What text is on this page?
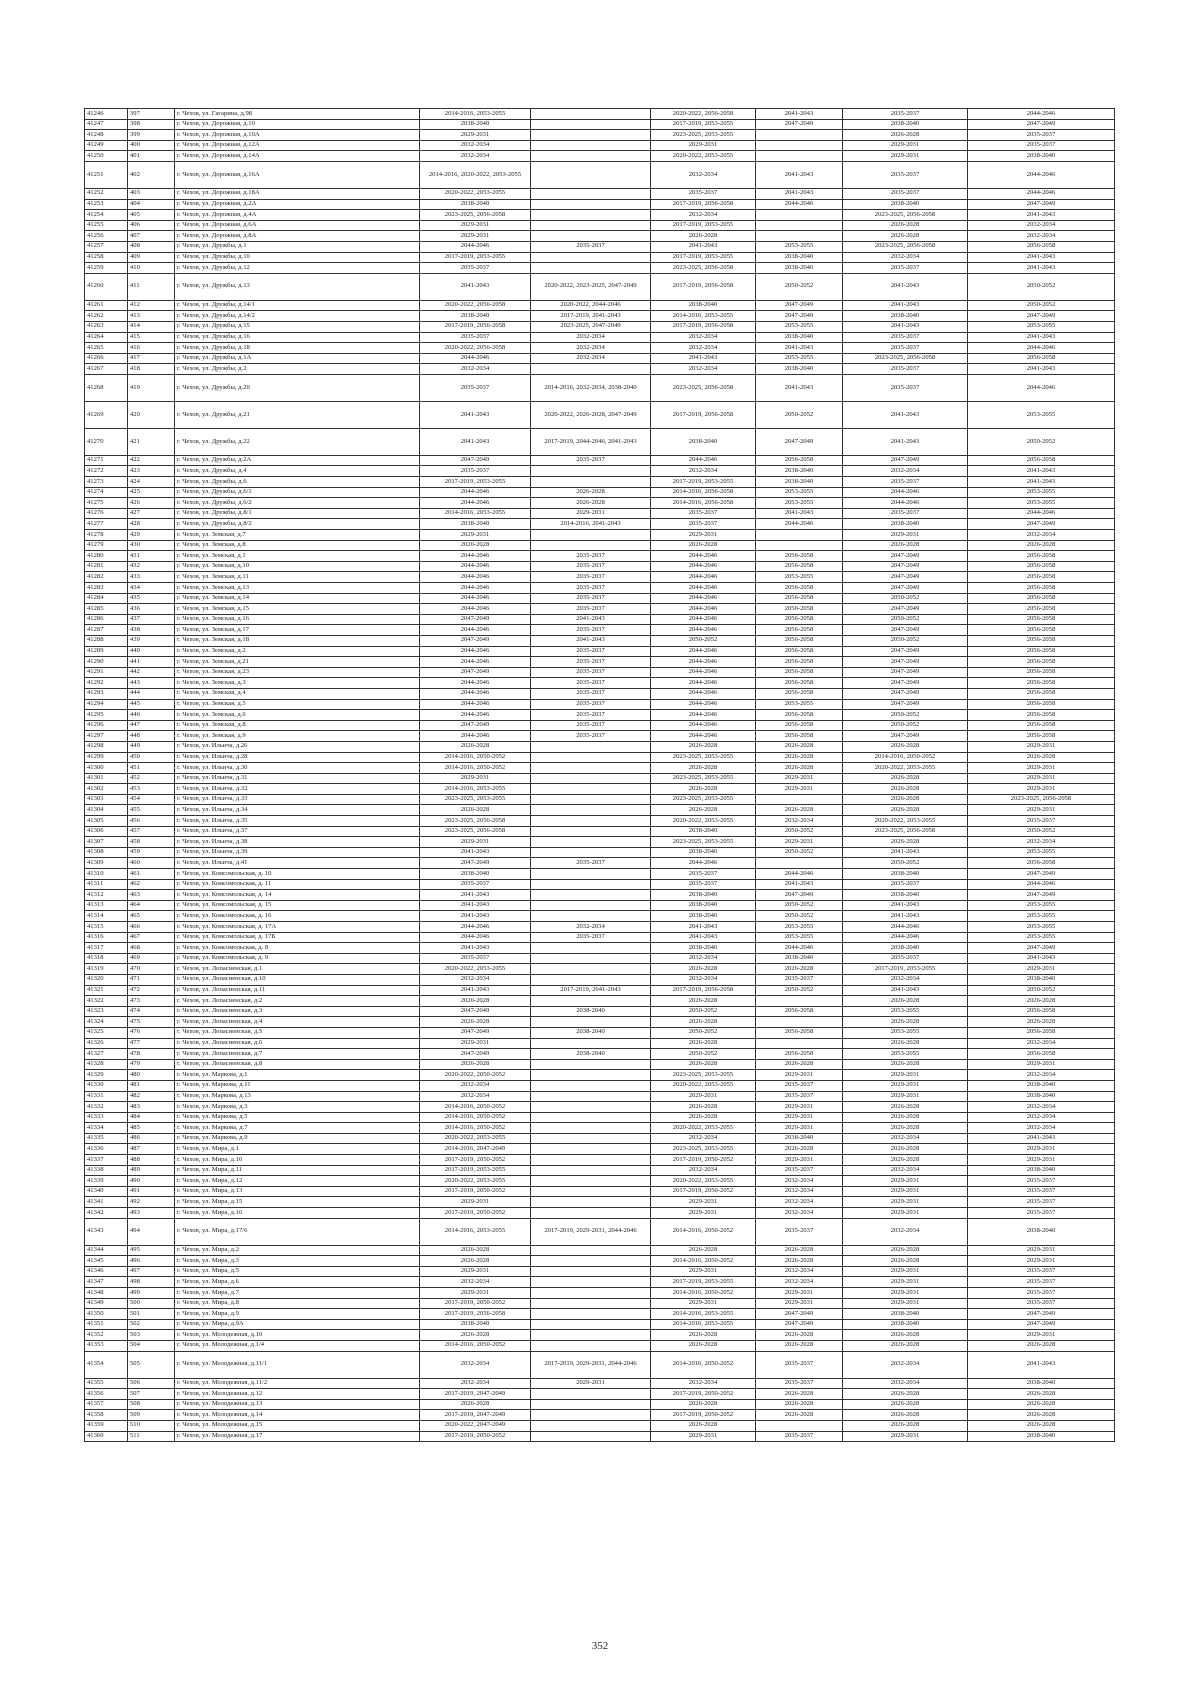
41246	397	г. Чехов, ул. Гагарина, д.98	2014-2016, 2053-2055		2020-2022, 2056-2058	2041-2043	2035-2037	2044-2046
41247	398	г. Чехов, ул. Дорожная, д.10	2038-2040		2017-2019, 2053-2055	2047-2049	2038-2040	2047-2049
41248	399	г. Чехов, ул. Дорожная, д.10А	2029-2031		2023-2025, 2053-2055		2026-2028	2035-2037
41249	400	г. Чехов, ул. Дорожная, д.12А	2032-2034		2029-2031		2029-2031	2035-2037
41250	401	г. Чехов, ул. Дорожная, д.14А	2032-2034		2020-2022, 2053-2055		2029-2031	2038-2040
41251	402	г. Чехов, ул. Дорожная, д.16А	2014-2016, 2020-2022, 2053-2055		2032-2034	2041-2043	2035-2037	2044-2046
41252	403	г. Чехов, ул. Дорожная, д.18А	2020-2022, 2053-2055		2035-2037	2041-2043	2035-2037	2044-2046
41253	404	г. Чехов, ул. Дорожная, д.2А	2038-2040		2017-2019, 2056-2058	2044-2046	2038-2040	2047-2049
41254	405	г. Чехов, ул. Дорожная, д.4А	2023-2025, 2056-2058		2032-2034		2023-2025, 2056-2058	2041-2043
41255	406	г. Чехов, ул. Дорожная, д.6А	2029-2031		2017-2019, 2053-2055		2026-2028	2032-2034
41256	407	г. Чехов, ул. Дорожная, д.8А	2029-2031		2026-2028		2026-2028	2032-2034
41257	408	г. Чехов, ул. Дружбы, д.1	2044-2046	2035-2037	2041-2043	2053-2055	2023-2025, 2056-2058	2056-2058
41258	409	г. Чехов, ул. Дружбы, д.10	2017-2019, 2053-2055		2017-2019, 2053-2055	2038-2040	2032-2034	2041-2043
41259	410	г. Чехов, ул. Дружбы, д.12	2035-2037		2023-2025, 2056-2058	2038-2040	2035-2037	2041-2043
41260	411	г. Чехов, ул. Дружбы, д.13	2041-2043	2020-2022, 2023-2025, 2047-2049	2017-2019, 2056-2058	2050-2052	2041-2043	2050-2052
41261	412	г. Чехов, ул. Дружбы, д.14/1	2020-2022, 2056-2058	2020-2022, 2044-2046	2038-2040	2047-2049	2041-2043	2050-2052
41262	413	г. Чехов, ул. Дружбы, д.14/2	2038-2040	2017-2019, 2041-2043	2014-2016, 2053-2055	2047-2049	2038-2040	2047-2049
41263	414	г. Чехов, ул. Дружбы, д.15	2017-2019, 2056-2058	2023-2025, 2047-2049	2017-2019, 2056-2058	2053-2055	2041-2043	2053-2055
41264	415	г. Чехов, ул. Дружбы, д.16	2035-2037	2032-2034	2032-2034	2038-2040	2035-2037	2041-2043
41265	416	г. Чехов, ул. Дружбы, д.18	2020-2022, 2056-2058	2032-2034	2032-2034	2041-2043	2035-2037	2044-2046
41266	417	г. Чехов, ул. Дружбы, д.1А	2044-2046	2032-2034	2041-2043	2053-2055	2023-2025, 2056-2058	2056-2058
41267	418	г. Чехов, ул. Дружбы, д.2	2032-2034		2032-2034	2038-2040	2035-2037	2041-2043
41268	419	г. Чехов, ул. Дружбы, д.20	2035-2037	2014-2016, 2032-2034, 2038-2040	2023-2025, 2056-2058	2041-2043	2035-2037	2044-2046
41269	420	г. Чехов, ул. Дружбы, д.21	2041-2043	2020-2022, 2026-2028, 2047-2049	2017-2019, 2056-2058	2050-2052	2041-2043	2053-2055
41270	421	г. Чехов, ул. Дружбы, д.22	2041-2043	2017-2019, 2044-2046, 2041-2043	2038-2040	2047-2049	2041-2043	2050-2052
41271	422	г. Чехов, ул. Дружбы, д.2А	2047-2049	2035-2037	2044-2046	2056-2058	2047-2049	2056-2058
41272	423	г. Чехов, ул. Дружбы, д.4	2035-2037		2032-2034	2038-2040	2032-2034	2041-2043
41273	424	г. Чехов, ул. Дружбы, д.6	2017-2019, 2053-2055		2017-2019, 2053-2055	2038-2040	2035-2037	2041-2043
41274	425	г. Чехов, ул. Дружбы, д.6/1	2044-2046	2026-2028	2014-2016, 2056-2058	2053-2055	2044-2046	2053-2055
41275	426	г. Чехов, ул. Дружбы, д.6/2	2044-2046	2026-2028	2014-2016, 2056-2058	2053-2055	2044-2046	2053-2055
41276	427	г. Чехов, ул. Дружбы, д.8/1	2014-2016, 2053-2055	2029-2031	2035-2037	2041-2043	2035-2037	2044-2046
41277	428	г. Чехов, ул. Дружбы, д.8/2	2038-2040	2014-2016, 2041-2043	2035-2037	2044-2046	2038-2040	2047-2049
41278	429	г. Чехов, ул. Земская, д.7	2029-2031		2029-2031		2029-2031	2032-2034
41279	430	г. Чехов, ул. Земская, д.8	2026-2028		2026-2028		2026-2028	2026-2028
41280	431	г. Чехов, ул. Земская, д.1	2044-2046	2035-2037	2044-2046	2056-2058	2047-2049	2056-2058
41281	432	г. Чехов, ул. Земская, д.10	2044-2046	2035-2037	2044-2046	2056-2058	2047-2049	2056-2058
41282	433	г. Чехов, ул. Земская, д.11	2044-2046	2035-2037	2044-2046	2053-2055	2047-2049	2056-2058
41283	434	г. Чехов, ул. Земская, д.13	2044-2046	2035-2037	2044-2046	2056-2058	2047-2049	2056-2058
41284	435	г. Чехов, ул. Земская, д.14	2044-2046	2035-2037	2044-2046	2056-2058	2050-2052	2056-2058
41285	436	г. Чехов, ул. Земская, д.15	2044-2046	2035-2037	2044-2046	2056-2058	2047-2049	2056-2058
41286	437	г. Чехов, ул. Земская, д.16	2047-2049	2041-2043	2044-2046	2056-2058	2050-2052	2056-2058
41287	438	г. Чехов, ул. Земская, д.17	2044-2046	2035-2037	2044-2046	2056-2058	2047-2049	2056-2058
41288	439	г. Чехов, ул. Земская, д.18	2047-2049	2041-2043	2050-2052	2056-2058	2050-2052	2056-2058
41289	440	г. Чехов, ул. Земская, д.2	2044-2046	2035-2037	2044-2046	2056-2058	2047-2049	2056-2058
41290	441	г. Чехов, ул. Земская, д.21	2044-2046	2035-2037	2044-2046	2056-2058	2047-2049	2056-2058
41291	442	г. Чехов, ул. Земская, д.23	2047-2049	2035-2037	2044-2046	2056-2058	2047-2049	2056-2058
41292	443	г. Чехов, ул. Земская, д.3	2044-2046	2035-2037	2044-2046	2056-2058	2047-2049	2056-2058
41293	444	г. Чехов, ул. Земская, д.4	2044-2046	2035-2037	2044-2046	2056-2058	2047-2049	2056-2058
41294	445	г. Чехов, ул. Земская, д.5	2044-2046	2035-2037	2044-2046	2053-2055	2047-2049	2056-2058
41295	446	г. Чехов, ул. Земская, д.6	2044-2046	2035-2037	2044-2046	2056-2058	2050-2052	2056-2058
41296	447	г. Чехов, ул. Земская, д.8	2047-2049	2035-2037	2044-2046	2056-2058	2050-2052	2056-2058
41297	448	г. Чехов, ул. Земская, д.9	2044-2046	2035-2037	2044-2046	2056-2058	2047-2049	2056-2058
41298	449	г. Чехов, ул. Ильича, д.26	2026-2028		2026-2028	2026-2028	2026-2028	2029-2031
41299	450	г. Чехов, ул. Ильича, д.28	2014-2016, 2050-2052		2023-2025, 2053-2055	2026-2028	2014-2016, 2050-2052	2026-2028
41300	451	г. Чехов, ул. Ильича, д.30	2014-2016, 2050-2052		2026-2028	2026-2028	2020-2022, 2053-2055	2029-2031
41301	452	г. Чехов, ул. Ильича, д.31	2029-2031		2023-2025, 2053-2055	2029-2031	2026-2028	2029-2031
41302	453	г. Чехов, ул. Ильича, д.32	2014-2016, 2053-2055		2026-2028	2029-2031	2026-2028	2029-2031
41303	454	г. Чехов, ул. Ильича, д.33	2023-2025, 2053-2055		2023-2025, 2053-2055		2026-2028	2023-2025, 2056-2058
41304	455	г. Чехов, ул. Ильича, д.34	2026-2028		2026-2028	2026-2028	2026-2028	2029-2031
41305	456	г. Чехов, ул. Ильича, д.35	2023-2025, 2056-2058		2020-2022, 2053-2055	2032-2034	2020-2022, 2053-2055	2035-2037
41306	457	г. Чехов, ул. Ильича, д.37	2023-2025, 2056-2058		2038-2040	2050-2052	2023-2025, 2056-2058	2050-2052
41307	458	г. Чехов, ул. Ильича, д.38	2029-2031		2023-2025, 2053-2055	2029-2031	2026-2028	2032-2034
41308	459	г. Чехов, ул. Ильича, д.39	2041-2043		2038-2040	2050-2052	2041-2043	2053-2055
41309	460	г. Чехов, ул. Ильича, д.41	2047-2049	2035-2037	2044-2046		2050-2052	2056-2058
41310	461	г. Чехов, ул. Комсомольская, д. 10	2038-2040		2035-2037	2044-2046	2038-2040	2047-2049
41311	462	г. Чехов, ул. Комсомольская, д. 11	2035-2037		2035-2037	2041-2043	2035-2037	2044-2046
41312	463	г. Чехов, ул. Комсомольская, д. 14	2041-2043		2038-2040	2047-2049	2038-2040	2047-2049
41313	464	г. Чехов, ул. Комсомольская, д. 15	2041-2043		2038-2040	2050-2052	2041-2043	2053-2055
41314	465	г. Чехов, ул. Комсомольская, д. 16	2041-2043		2038-2040	2050-2052	2041-2043	2053-2055
41315	466	г. Чехов, ул. Комсомольская, д. 17А	2044-2046	2032-2034	2041-2043	2053-2055	2044-2046	2053-2055
41316	467	г. Чехов, ул. Комсомольская, д. 17Б	2044-2046	2035-2037	2041-2043	2053-2055	2044-2046	2053-2055
41317	468	г. Чехов, ул. Комсомольская, д. 8	2041-2043		2038-2040	2044-2046	2038-2040	2047-2049
41318	469	г. Чехов, ул. Комсомольская, д. 9	2035-2037		2032-2034	2038-2040	2035-2037	2041-2043
41319	470	г. Чехов, ул. Лопасненская, д.1	2020-2022, 2053-2055		2026-2028	2026-2028	2017-2019, 2053-2055	2029-2031
41320	471	г. Чехов, ул. Лопасненская, д.10	2032-2034		2032-2034	2035-2037	2032-2034	2038-2040
41321	472	г. Чехов, ул. Лопасненская, д.11	2041-2043	2017-2019, 2041-2043	2017-2019, 2056-2058	2050-2052	2041-2043	2050-2052
41322	473	г. Чехов, ул. Лопасненская, д.2	2026-2028		2026-2028		2026-2028	2026-2028
41323	474	г. Чехов, ул. Лопасненская, д.3	2047-2049	2038-2040	2050-2052	2056-2058	2053-2055	2056-2058
41324	475	г. Чехов, ул. Лопасненская, д.4	2026-2028		2026-2028		2026-2028	2026-2028
41325	476	г. Чехов, ул. Лопасненская, д.5	2047-2049	2038-2040	2050-2052	2056-2058	2053-2055	2056-2058
41326	477	г. Чехов, ул. Лопасненская, д.6	2029-2031		2026-2028		2026-2028	2032-2034
41327	478	г. Чехов, ул. Лопасненская, д.7	2047-2049	2038-2040	2050-2052	2056-2058	2053-2055	2056-2058
41328	479	г. Чехов, ул. Лопасненская, д.8	2026-2028		2026-2028	2026-2028	2026-2028	2029-2031
41329	480	г. Чехов, ул. Маркова, д.1	2020-2022, 2050-2052		2023-2025, 2053-2055	2029-2031	2029-2031	2032-2034
41330	481	г. Чехов, ул. Маркова, д.11	2032-2034		2020-2022, 2053-2055	2035-2037	2029-2031	2038-2040
41331	482	г. Чехов, ул. Маркова, д.13	2032-2034		2029-2031	2035-2037	2029-2031	2038-2040
41332	483	г. Чехов, ул. Маркова, д.3	2014-2016, 2050-2052		2026-2028	2029-2031	2026-2028	2032-2034
41333	484	г. Чехов, ул. Маркова, д.5	2014-2016, 2050-2052		2026-2028	2029-2031	2026-2028	2032-2034
41334	485	г. Чехов, ул. Маркова, д.7	2014-2016, 2050-2052		2020-2022, 2053-2055	2029-2031	2026-2028	2032-2034
41335	486	г. Чехов, ул. Маркова, д.9	2020-2022, 2053-2055		2032-2034	2038-2040	2032-2034	2041-2043
41336	487	г. Чехов, ул. Мира, д.1	2014-2016, 2047-2049		2023-2025, 2053-2055	2026-2028	2026-2028	2029-2031
41337	488	г. Чехов, ул. Мира, д.10	2017-2019, 2050-2052		2017-2019, 2050-2052	2029-2031	2026-2028	2029-2031
41338	489	г. Чехов, ул. Мира, д.11	2017-2019, 2053-2055		2032-2034	2035-2037	2032-2034	2038-2040
41339	490	г. Чехов, ул. Мира, д.12	2020-2022, 2053-2055		2020-2022, 2053-2055	2032-2034	2029-2031	2035-2037
41340	491	г. Чехов, ул. Мира, д.13	2017-2019, 2050-2052		2017-2019, 2050-2052	2032-2034	2029-2031	2035-2037
41341	492	г. Чехов, ул. Мира, д.15	2029-2031		2029-2031	2032-2034	2029-2031	2035-2037
41342	493	г. Чехов, ул. Мира, д.16	2017-2019, 2050-2052		2029-2031	2032-2034	2029-2031	2035-2037
41343	494	г. Чехов, ул. Мира, д.17/6	2014-2016, 2053-2055	2017-2019, 2029-2031, 2044-2046	2014-2016, 2050-2052	2035-2037	2032-2034	2038-2040
41344	495	г. Чехов, ул. Мира, д.2	2026-2028		2026-2028	2026-2028	2026-2028	2029-2031
41345	496	г. Чехов, ул. Мира, д.3	2026-2028		2014-2016, 2050-2052	2026-2028	2026-2028	2029-2031
41346	497	г. Чехов, ул. Мира, д.5	2029-2031		2029-2031	2032-2034	2029-2031	2035-2037
41347	498	г. Чехов, ул. Мира, д.6	2032-2034		2017-2019, 2053-2055	2032-2034	2029-2031	2035-2037
41348	499	г. Чехов, ул. Мира, д.7	2029-2031		2014-2016, 2050-2052	2029-2031	2029-2031	2035-2037
41349	500	г. Чехов, ул. Мира, д.8	2017-2019, 2050-2052		2029-2031	2029-2031	2029-2031	2035-2037
41350	501	г. Чехов, ул. Мира, д.9	2017-2019, 2056-2058		2014-2016, 2053-2055	2047-2049	2038-2040	2047-2049
41351	502	г. Чехов, ул. Мира, д.9А	2038-2040		2014-2016, 2053-2055	2047-2049	2038-2040	2047-2049
41352	503	г. Чехов, ул. Молодежная, д.10	2026-2028		2026-2028	2026-2028	2026-2028	2029-2031
41353	504	г. Чехов, ул. Молодежная, д.1/4	2014-2016, 2050-2052		2026-2028	2026-2028	2026-2028	2026-2028
41354	505	г. Чехов, ул. Молодежная, д.11/1	2032-2034	2017-2019, 2029-2031, 2044-2046	2014-2016, 2050-2052	2035-2037	2032-2034	2041-2043
41355	506	г. Чехов, ул. Молодежная, д.11/2	2032-2034	2029-2031	2032-2034	2035-2037	2032-2034	2038-2040
41356	507	г. Чехов, ул. Молодежная, д.12	2017-2019, 2047-2049		2017-2019, 2050-2052	2026-2028	2026-2028	2026-2028
41357	508	г. Чехов, ул. Молодежная, д.13	2026-2028		2026-2028	2026-2028	2026-2028	2026-2028
41358	509	г. Чехов, ул. Молодежная, д.14	2017-2019, 2047-2049		2017-2019, 2050-2052	2026-2028	2026-2028	2026-2028
41359	510	г. Чехов, ул. Молодежная, д.15	2020-2022, 2047-2049		2026-2028		2026-2028	2026-2028
41360	511	г. Чехов, ул. Молодежная, д.17	2017-2019, 2050-2052		2029-2031	2035-2037	2029-2031	2038-2040
352
